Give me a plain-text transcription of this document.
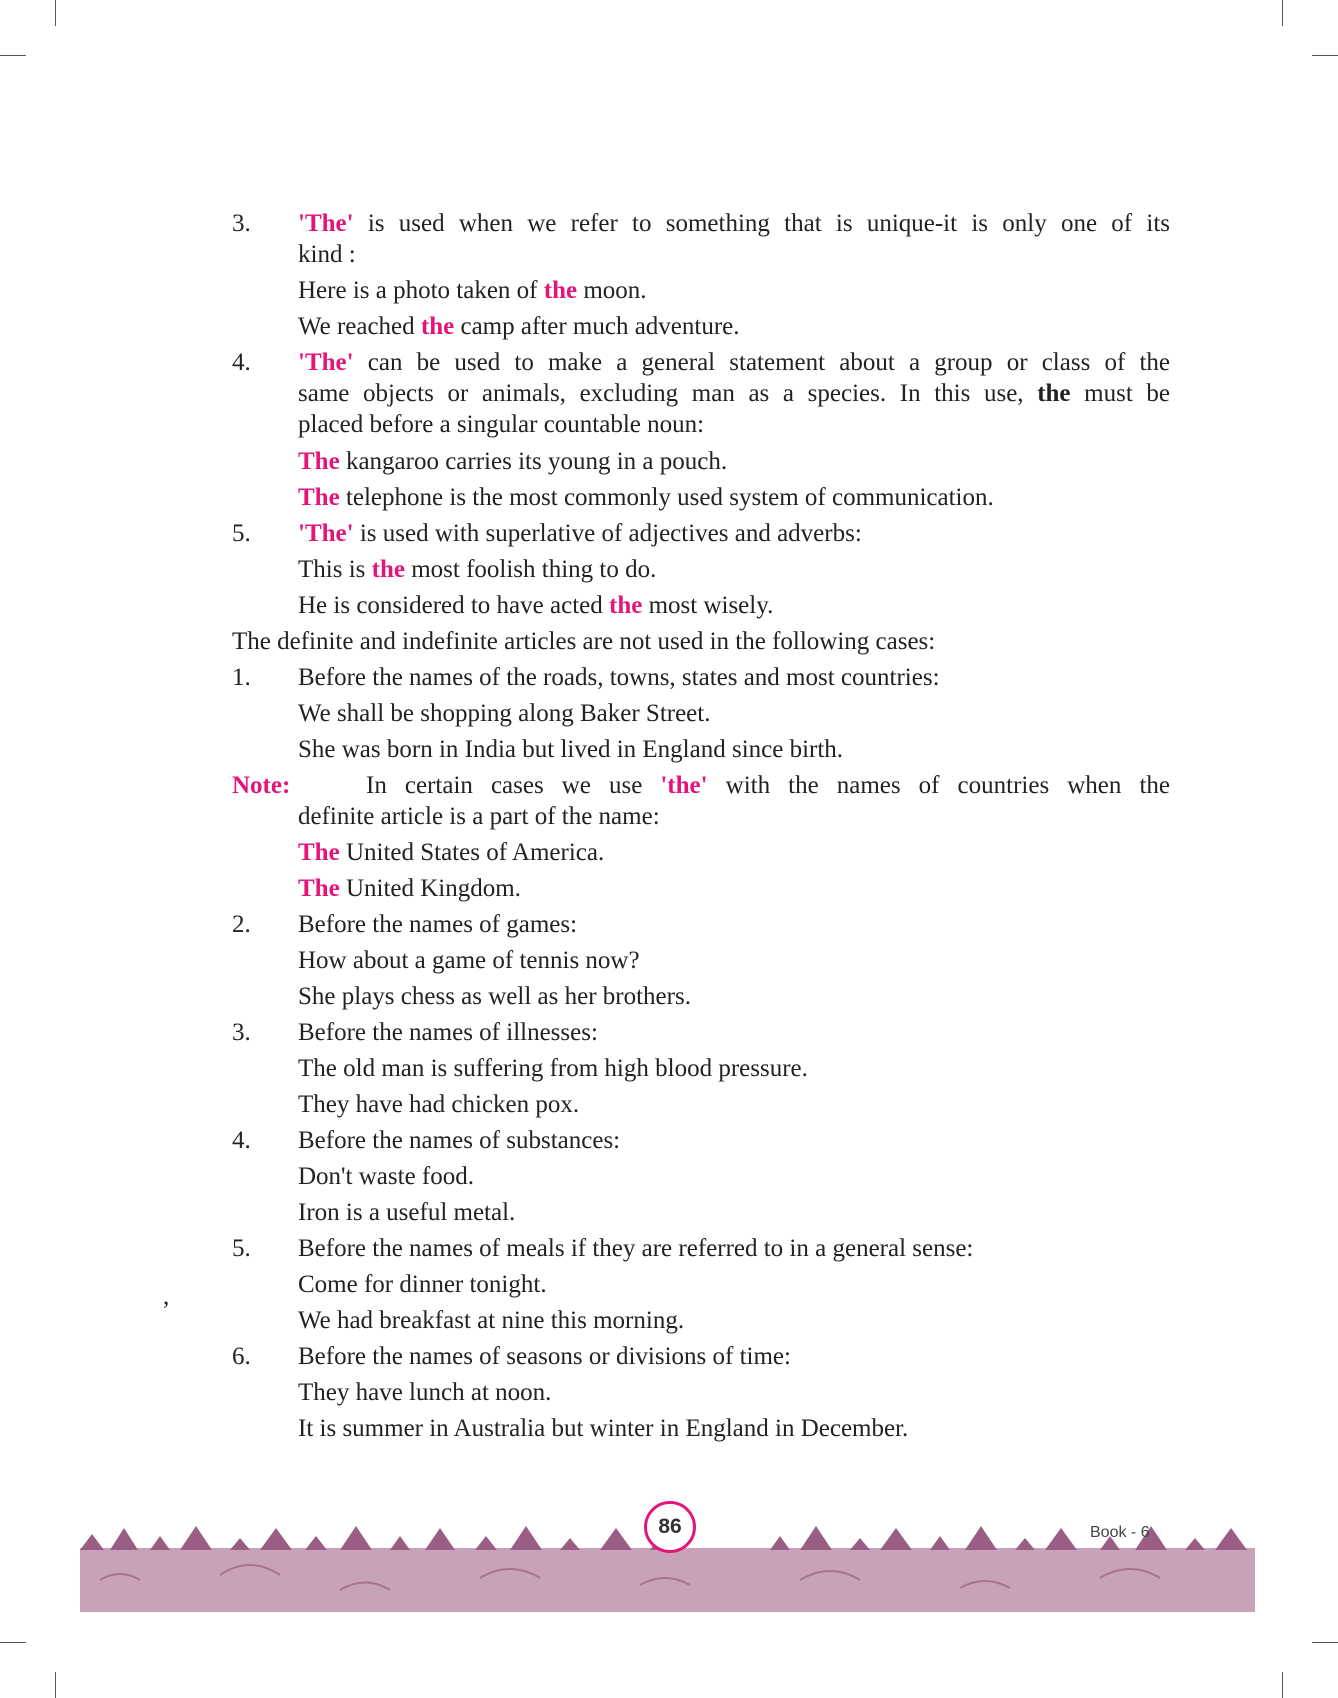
3. 'The' is used when we refer to something that is unique-it is only one of its
kind :
Here is a photo taken of the moon.
We reached the camp after much adventure.
4. 'The' can be used to make a general statement about a group or class of the
same objects or animals, excluding man as a species. In this use, the must be
placed before a singular countable noun:
The kangaroo carries its young in a pouch.
The telephone is the most commonly used system of communication.
5. 'The' is used with superlative of adjectives and adverbs:
This is the most foolish thing to do.
He is considered to have acted the most wisely.
The definite and indefinite articles are not used in the following cases:
1. Before the names of the roads, towns, states and most countries:
We shall be shopping along Baker Street.
She was born in India but lived in England since birth.
Note:	In certain cases we use 'the' with the names of countries when the
definite article is a part of the name:
The United States of America.
The United Kingdom.
2. Before the names of games:
How about a game of tennis now?
She plays chess as well as her brothers.
3. Before the names of illnesses:
The old man is suffering from high blood pressure.
They have had chicken pox.
4. Before the names of substances:
Don't waste food.
Iron is a useful metal.
5. Before the names of meals if they are referred to in a general sense:
Come for dinner tonight.
We had breakfast at nine this morning.
6. Before the names of seasons or divisions of time:
They have lunch at noon.
It is summer in Australia but winter in England in December.
,
86	Book - 6
